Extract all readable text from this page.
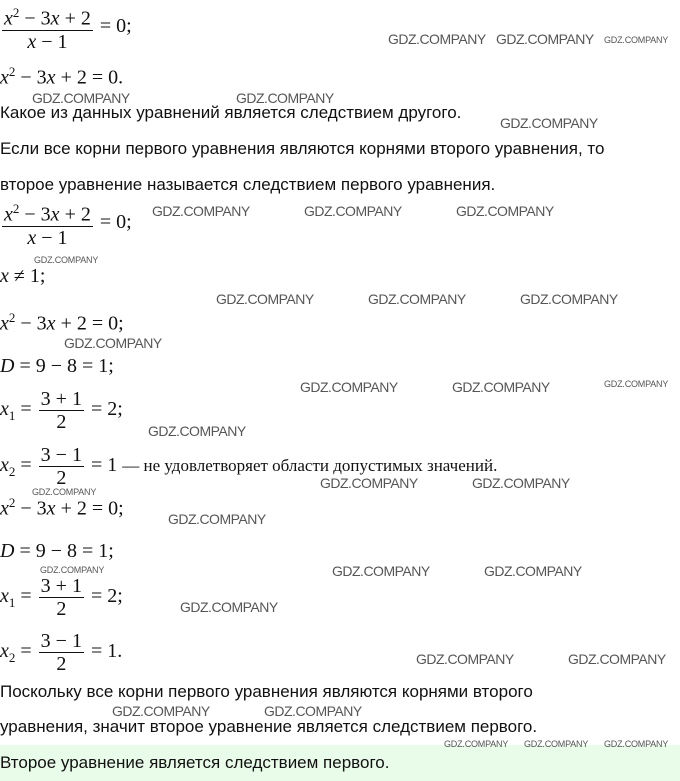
$\frac{x^2 - 3x + 2}{x - 1} = 0$;
$x^2 - 3x + 2 = 0$.
Какое из данных уравнений является следствием другого.
Если все корни первого уравнения являются корнями второго уравнения, то
второе уравнение называется следствием первого уравнения.
$\frac{x^2 - 3x + 2}{x - 1} = 0$;
x ≠ 1;
$x^2 - 3x + 2 = 0$;
D = 9 − 8 = 1;
$x_1 = \frac{3 + 1}{2} = 2$;
$x_2 = \frac{3 - 1}{2} = 1$ — не удовлетворяет области допустимых значений.
$x^2 - 3x + 2 = 0$;
D = 9 − 8 = 1;
$x_1 = \frac{3 + 1}{2} = 2$;
$x_2 = \frac{3 - 1}{2} = 1$.
Поскольку все корни первого уравнения являются корнями второго
уравнения, значит второе уравнение является следствием первого.
Второе уравнение является следствием первого.
GDZ.COMPANY GDZ.COMPANY GDZ.COMPANY
GDZ.COMPANY	GDZ.COMPANY
GDZ.COMPANY
GDZ.COMPANY	GDZ.COMPANY	GDZ.COMPANY
GDZ.COMPANY
GDZ.COMPANY	GDZ.COMPANY	GDZ.COMPANY
GDZ.COMPANY
GDZ.COMPANY	GDZ.COMPANY	GDZ.COMPANY
GDZ.COMPANY
GDZ.COMPANY	GDZ.COMPANY
GDZ.COMPANY
GDZ.COMPANY
GDZ.COMPANY	GDZ.COMPANY	GDZ.COMPANY
GDZ.COMPANY
GDZ.COMPANY	GDZ.COMPANY
GDZ.COMPANY	GDZ.COMPANY
GDZ.COMPANY GDZ.COMPANY GDZ.COMPANY
